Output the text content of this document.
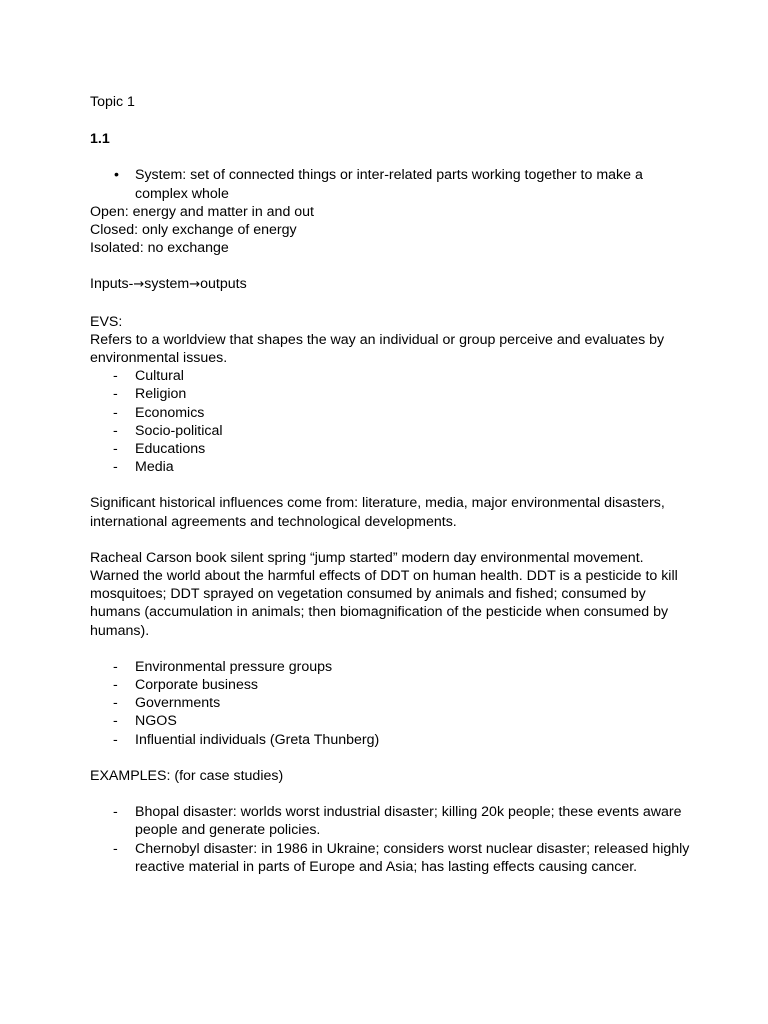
Topic 1

1.1

•	System: set of connected things or inter-related parts working together to make a complex whole

Open: energy and matter in and out

Closed: only exchange of energy

Isolated: no exchange

Inputs-→system→outputs

EVS:

Refers to a worldview that shapes the way an individual or group perceive and evaluates by environmental issues.

-	Cultural
-	Religion
-	Economics
-	Socio-political
-	Educations
-	Media

Significant historical influences come from: literature, media, major environmental disasters, international agreements and technological developments.

Racheal Carson book silent spring “jump started” modern day environmental movement. Warned the world about the harmful effects of DDT on human health. DDT is a pesticide to kill mosquitoes; DDT sprayed on vegetation consumed by animals and fished; consumed by humans (accumulation in animals; then biomagnification of the pesticide when consumed by humans).

-	Environmental pressure groups
-	Corporate business
-	Governments
-	NGOS
-	Influential individuals (Greta Thunberg)

EXAMPLES: (for case studies)

-	Bhopal disaster: worlds worst industrial disaster; killing 20k people; these events aware people and generate policies.
-	Chernobyl disaster: in 1986 in Ukraine; considers worst nuclear disaster; released highly reactive material in parts of Europe and Asia; has lasting effects causing cancer.
